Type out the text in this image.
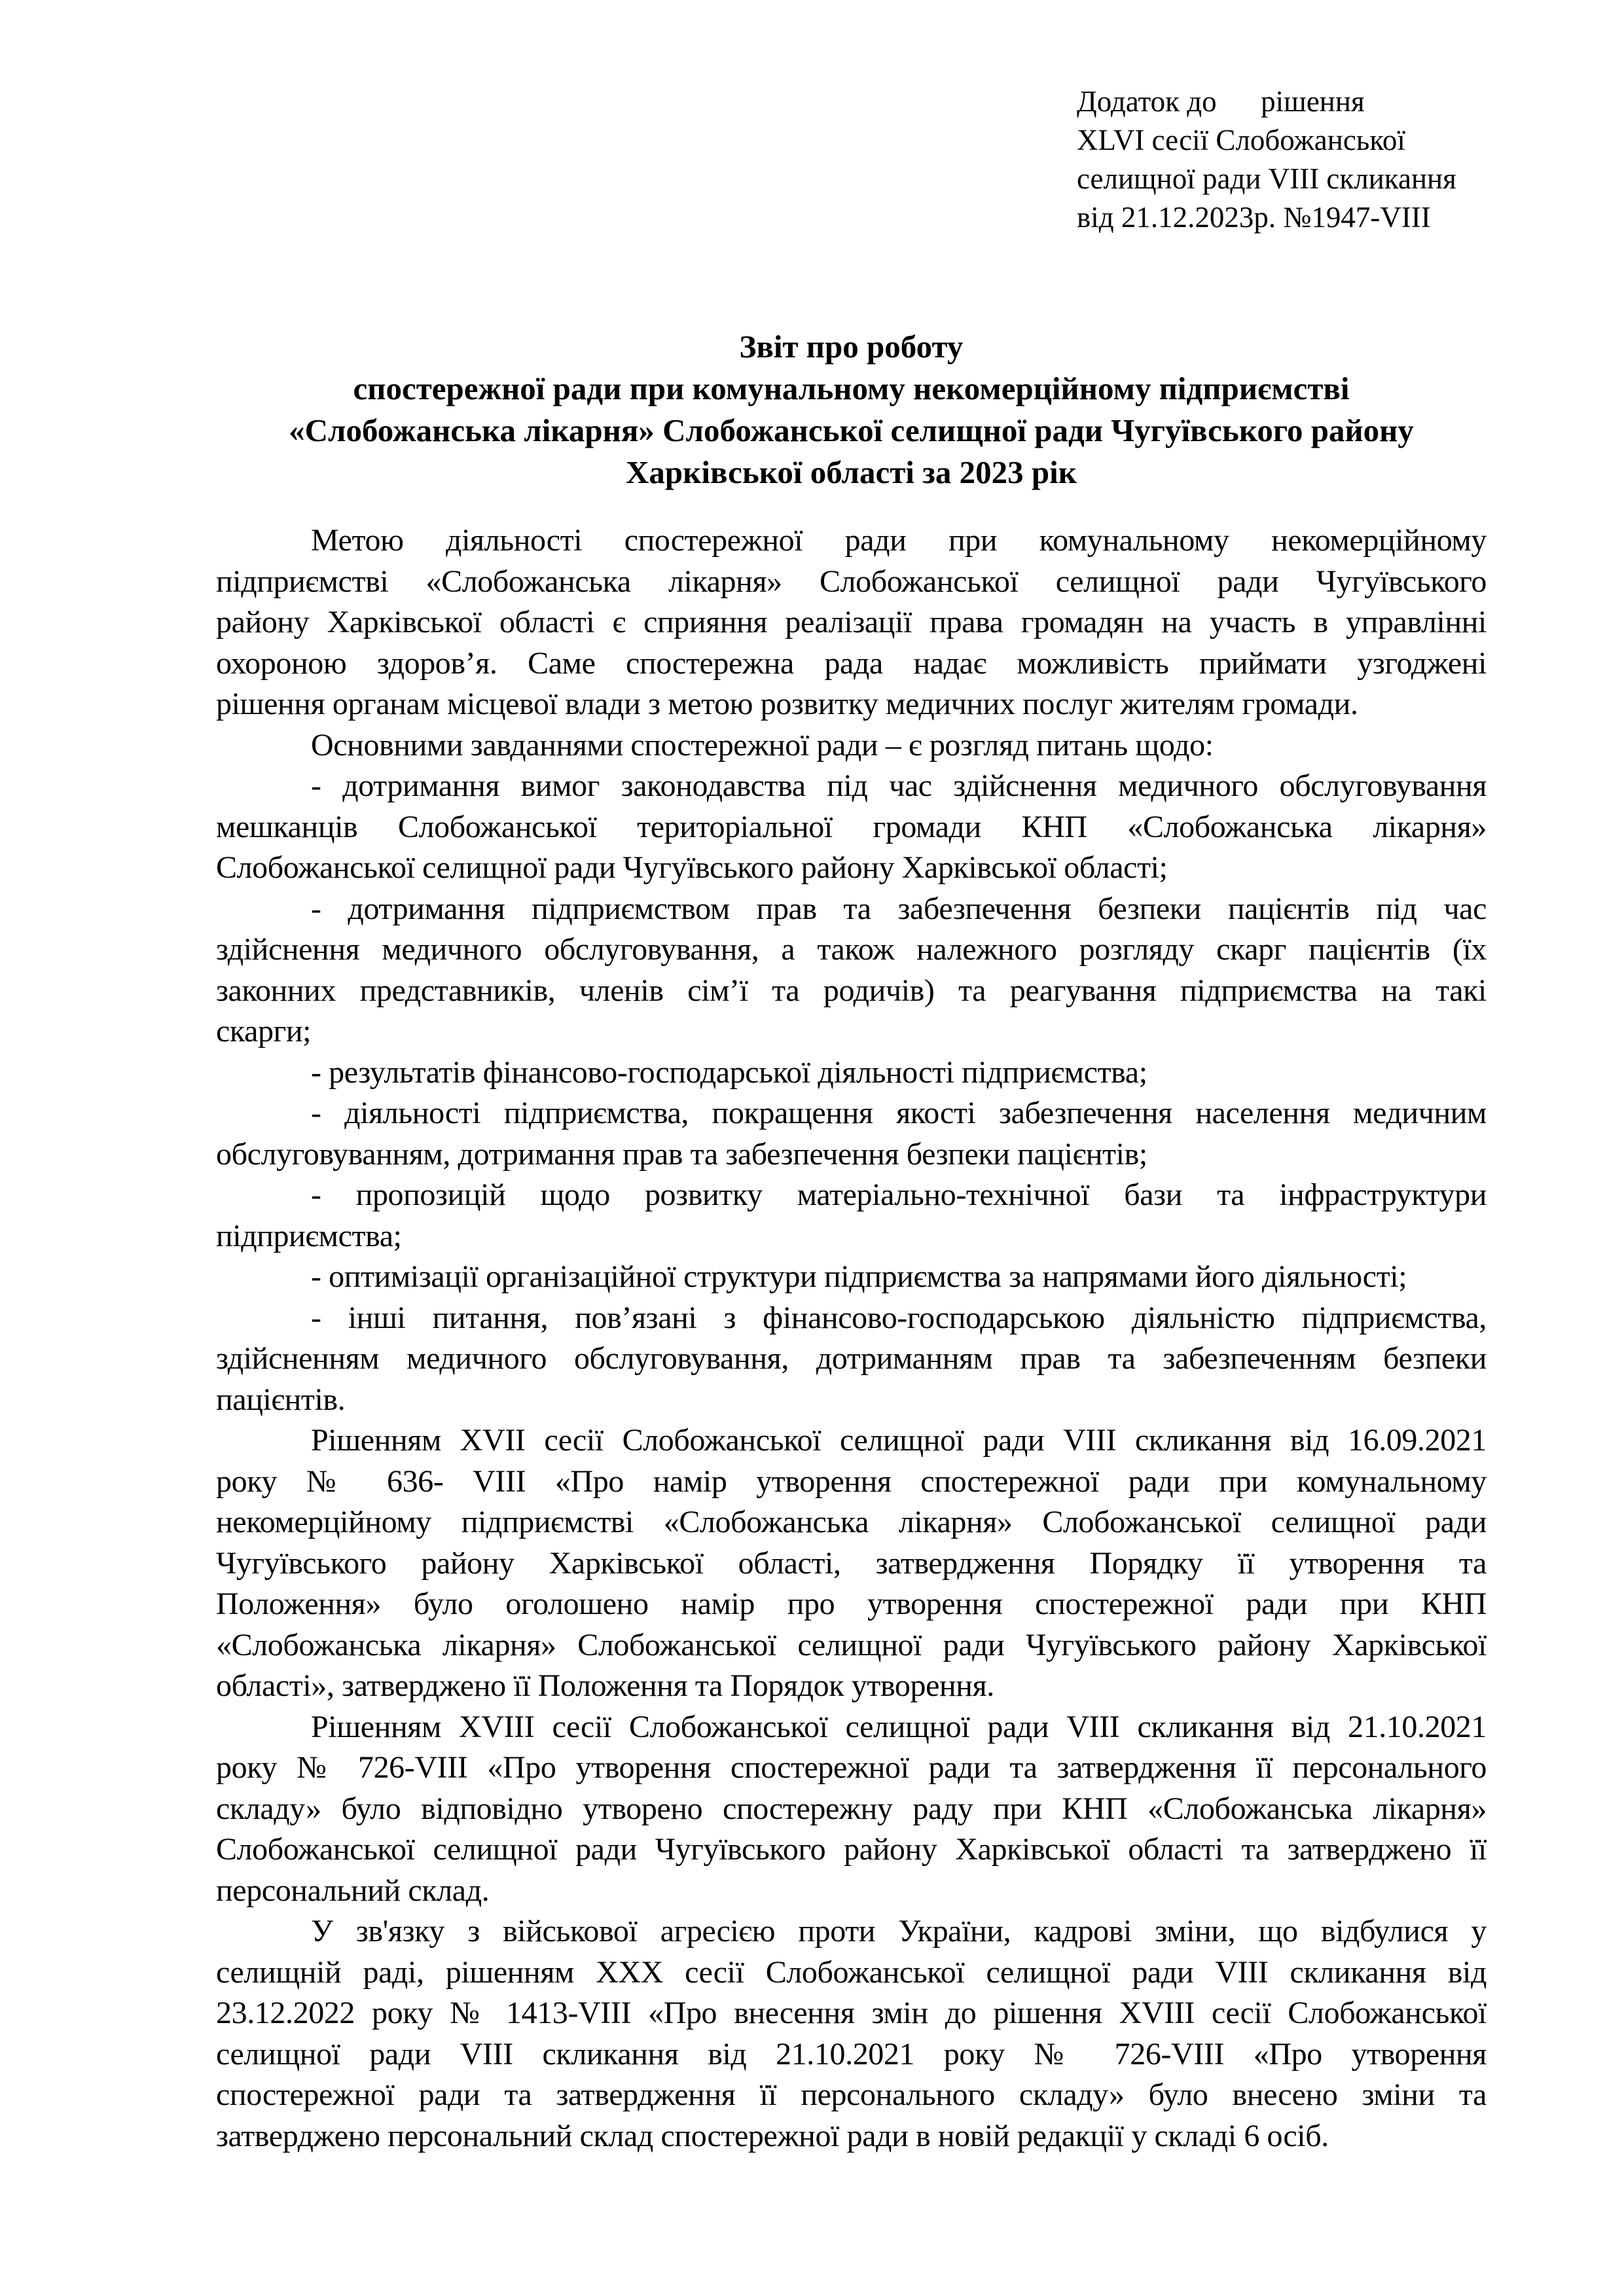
Додаток до      рішення
XLVI сесії Слобожанської
селищної ради VIII скликання
від 21.12.2023р. №1947-VIII
Звіт про роботу
спостережної ради при комунальному некомерційному підприємстві
«Слобожанська лікарня» Слобожанської селищної ради Чугуївського району
Харківської області за 2023 рік
Метою діяльності спостережної ради при комунальному некомерційному
підприємстві «Слобожанська лікарня» Слобожанської селищної ради Чугуївського
району Харківської області є сприяння реалізації права громадян на участь в управлінні
охороною здоров’я. Саме спостережна рада надає можливість приймати узгоджені
рішення органам місцевої влади з метою розвитку медичних послуг жителям громади.
Основними завданнями спостережної ради – є розгляд питань щодо:
- дотримання вимог законодавства під час здійснення медичного обслуговування
мешканців Слобожанської територіальної громади КНП «Слобожанська лікарня»
Слобожанської селищної ради Чугуївського району Харківської області;
- дотримання підприємством прав та забезпечення безпеки пацієнтів під час
здійснення медичного обслуговування, а також належного розгляду скарг пацієнтів (їх
законних представників, членів сім’ї та родичів) та реагування підприємства на такі
скарги;
- результатів фінансово-господарської діяльності підприємства;
- діяльності підприємства, покращення якості забезпечення населення медичним
обслуговуванням, дотримання прав та забезпечення безпеки пацієнтів;
- пропозицій щодо розвитку матеріально-технічної бази та інфраструктури
підприємства;
- оптимізації організаційної структури підприємства за напрямами його діяльності;
- інші питання, пов’язані з фінансово-господарською діяльністю підприємства,
здійсненням медичного обслуговування, дотриманням прав та забезпеченням безпеки
пацієнтів.
Рішенням XVII сесії Слобожанської селищної ради VIII скликання від 16.09.2021
року № 636- VIII «Про намір утворення спостережної ради при комунальному
некомерційному підприємстві «Слобожанська лікарня» Слобожанської селищної ради
Чугуївського району Харківської області, затвердження Порядку її утворення та
Положення» було оголошено намір про утворення спостережної ради при КНП
«Слобожанська лікарня» Слобожанської селищної ради Чугуївського району Харківської
області», затверджено її Положення та Порядок утворення.
Рішенням XVIII сесії Слобожанської селищної ради VIII скликання від 21.10.2021
року № 726-VIII «Про утворення спостережної ради та затвердження її персонального
складу» було відповідно утворено спостережну раду при КНП «Слобожанська лікарня»
Слобожанської селищної ради Чугуївського району Харківської області та затверджено її
персональний склад.
У зв'язку з військової агресією проти України, кадрові зміни, що відбулися у
селищній раді, рішенням XXX сесії Слобожанської селищної ради VIII скликання від
23.12.2022 року № 1413-VIII «Про внесення змін до рішення XVIII сесії Слобожанської
селищної ради VIII скликання від 21.10.2021 року № 726-VIII «Про утворення
спостережної ради та затвердження її персонального складу» було внесено зміни та
затверджено персональний склад спостережної ради в новій редакції у складі 6 осіб.
